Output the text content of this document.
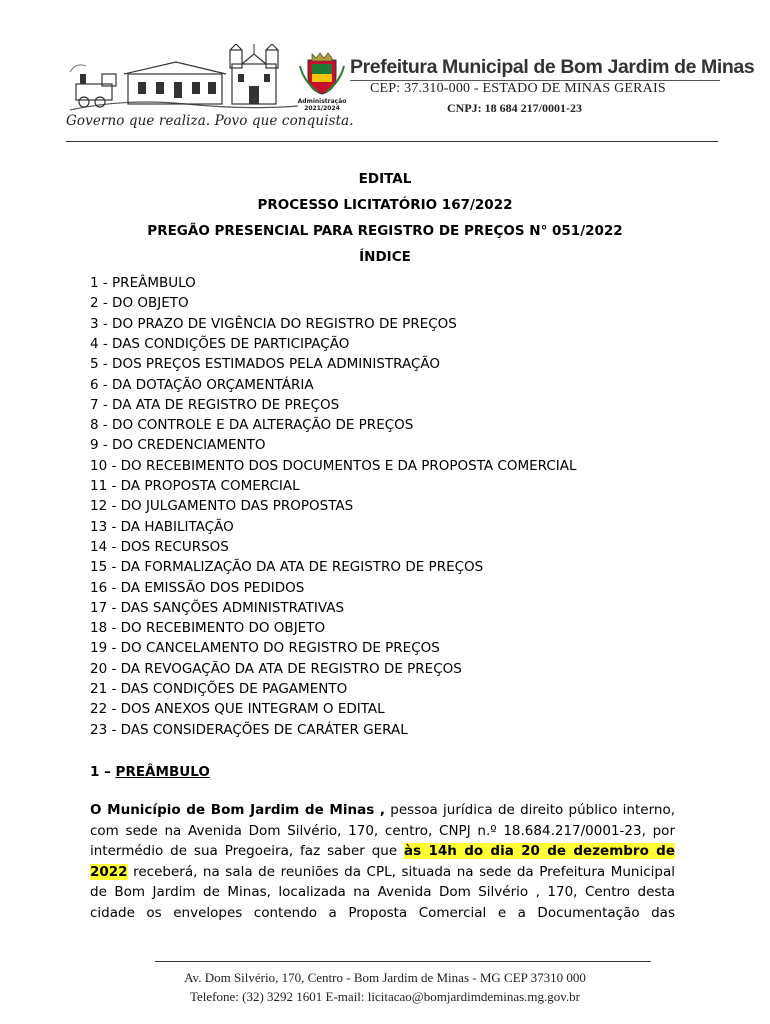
Governo que realiza. Povo que conquista.
Administração
2021/2024
Prefeitura Municipal de Bom Jardim de Minas
CEP: 37.310-000 - ESTADO DE MINAS GERAIS
CNPJ: 18 684 217/0001-23
EDITAL
PROCESSO LICITATÓRIO 167/2022
PREGÃO PRESENCIAL PARA REGISTRO DE PREÇOS N° 051/2022
ÍNDICE
1 - PREÂMBULO
2 - DO OBJETO
3 - DO PRAZO DE VIGÊNCIA DO REGISTRO DE PREÇOS
4 - DAS CONDIÇÕES DE PARTICIPAÇÃO
5 - DOS PREÇOS ESTIMADOS PELA ADMINISTRAÇÃO
6 - DA DOTAÇÃO ORÇAMENTÁRIA
7 - DA ATA DE REGISTRO DE PREÇOS
8 - DO CONTROLE E DA ALTERAÇÃO DE PREÇOS
9 - DO CREDENCIAMENTO
10 - DO RECEBIMENTO DOS DOCUMENTOS E DA PROPOSTA COMERCIAL
11 - DA PROPOSTA COMERCIAL
12 - DO JULGAMENTO DAS PROPOSTAS
13 - DA HABILITAÇÃO
14 - DOS RECURSOS
15 - DA FORMALIZAÇÃO DA ATA DE REGISTRO DE PREÇOS
16 - DA EMISSÃO DOS PEDIDOS
17 - DAS SANÇÕES ADMINISTRATIVAS
18 - DO RECEBIMENTO DO OBJETO
19 - DO CANCELAMENTO DO REGISTRO DE PREÇOS
20 - DA REVOGAÇÃO DA ATA DE REGISTRO DE PREÇOS
21 - DAS CONDIÇÕES DE PAGAMENTO
22 - DOS ANEXOS QUE INTEGRAM O EDITAL
23 - DAS CONSIDERAÇÕES DE CARÁTER GERAL
1 – PREÂMBULO
O Município de Bom Jardim de Minas , pessoa jurídica de direito público interno,
com sede na Avenida Dom Silvério, 170, centro, CNPJ n.º 18.684.217/0001-23, por
intermédio de sua Pregoeira, faz saber que às 14h do dia 20 de dezembro de
2022 receberá, na sala de reuniões da CPL, situada na sede da Prefeitura Municipal
de Bom Jardim de Minas, localizada na Avenida Dom Silvério , 170, Centro desta
cidade os envelopes contendo a Proposta Comercial e a Documentação das
Av. Dom Silvério, 170, Centro - Bom Jardim de Minas - MG CEP 37310 000
Telefone: (32) 3292 1601 E-mail: licitacao@bomjardimdeminas.mg.gov.br
